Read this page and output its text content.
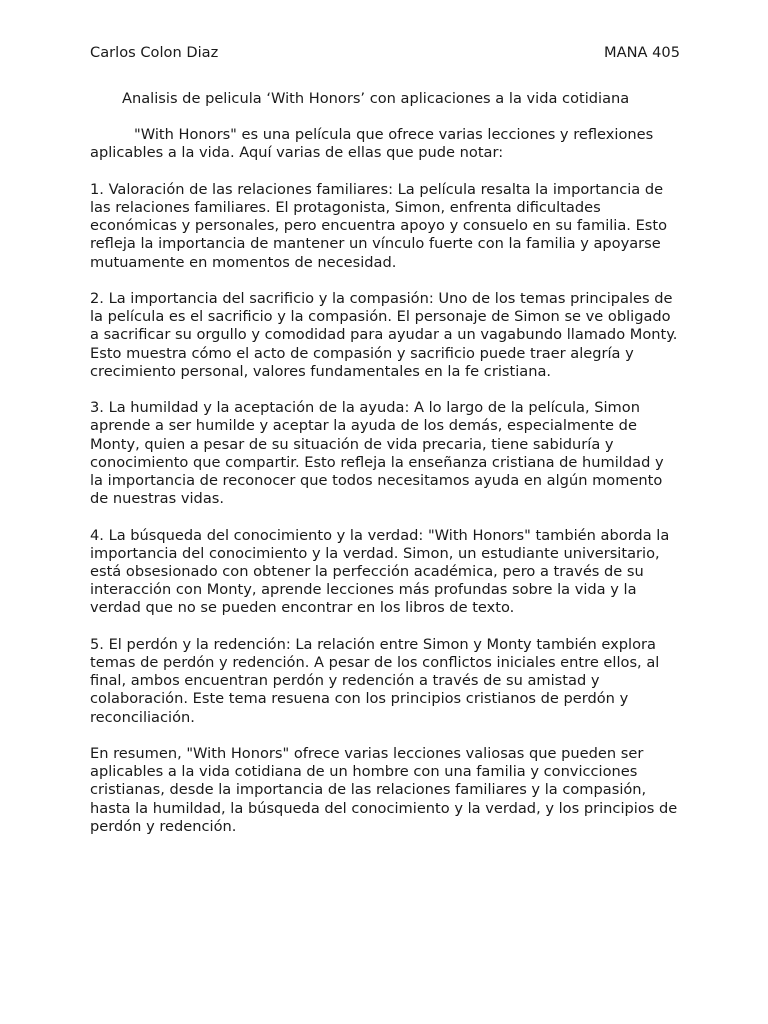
Carlos Colon Diaz	MANA 405
Analisis de pelicula ‘With Honors’ con aplicaciones a la vida cotidiana

"With Honors" es una película que ofrece varias lecciones y reflexiones aplicables a la vida. Aquí varias de ellas que pude notar:

1. Valoración de las relaciones familiares: La película resalta la importancia de las relaciones familiares. El protagonista, Simon, enfrenta dificultades económicas y personales, pero encuentra apoyo y consuelo en su familia. Esto refleja la importancia de mantener un vínculo fuerte con la familia y apoyarse mutuamente en momentos de necesidad.

2. La importancia del sacrificio y la compasión: Uno de los temas principales de la película es el sacrificio y la compasión. El personaje de Simon se ve obligado a sacrificar su orgullo y comodidad para ayudar a un vagabundo llamado Monty. Esto muestra cómo el acto de compasión y sacrificio puede traer alegría y crecimiento personal, valores fundamentales en la fe cristiana.

3. La humildad y la aceptación de la ayuda: A lo largo de la película, Simon aprende a ser humilde y aceptar la ayuda de los demás, especialmente de Monty, quien a pesar de su situación de vida precaria, tiene sabiduría y conocimiento que compartir. Esto refleja la enseñanza cristiana de humildad y la importancia de reconocer que todos necesitamos ayuda en algún momento de nuestras vidas.

4. La búsqueda del conocimiento y la verdad: "With Honors" también aborda la importancia del conocimiento y la verdad. Simon, un estudiante universitario, está obsesionado con obtener la perfección académica, pero a través de su interacción con Monty, aprende lecciones más profundas sobre la vida y la verdad que no se pueden encontrar en los libros de texto.

5. El perdón y la redención: La relación entre Simon y Monty también explora temas de perdón y redención. A pesar de los conflictos iniciales entre ellos, al final, ambos encuentran perdón y redención a través de su amistad y colaboración. Este tema resuena con los principios cristianos de perdón y reconciliación.

En resumen, "With Honors" ofrece varias lecciones valiosas que pueden ser aplicables a la vida cotidiana de un hombre con una familia y convicciones cristianas, desde la importancia de las relaciones familiares y la compasión, hasta la humildad, la búsqueda del conocimiento y la verdad, y los principios de perdón y redención.
